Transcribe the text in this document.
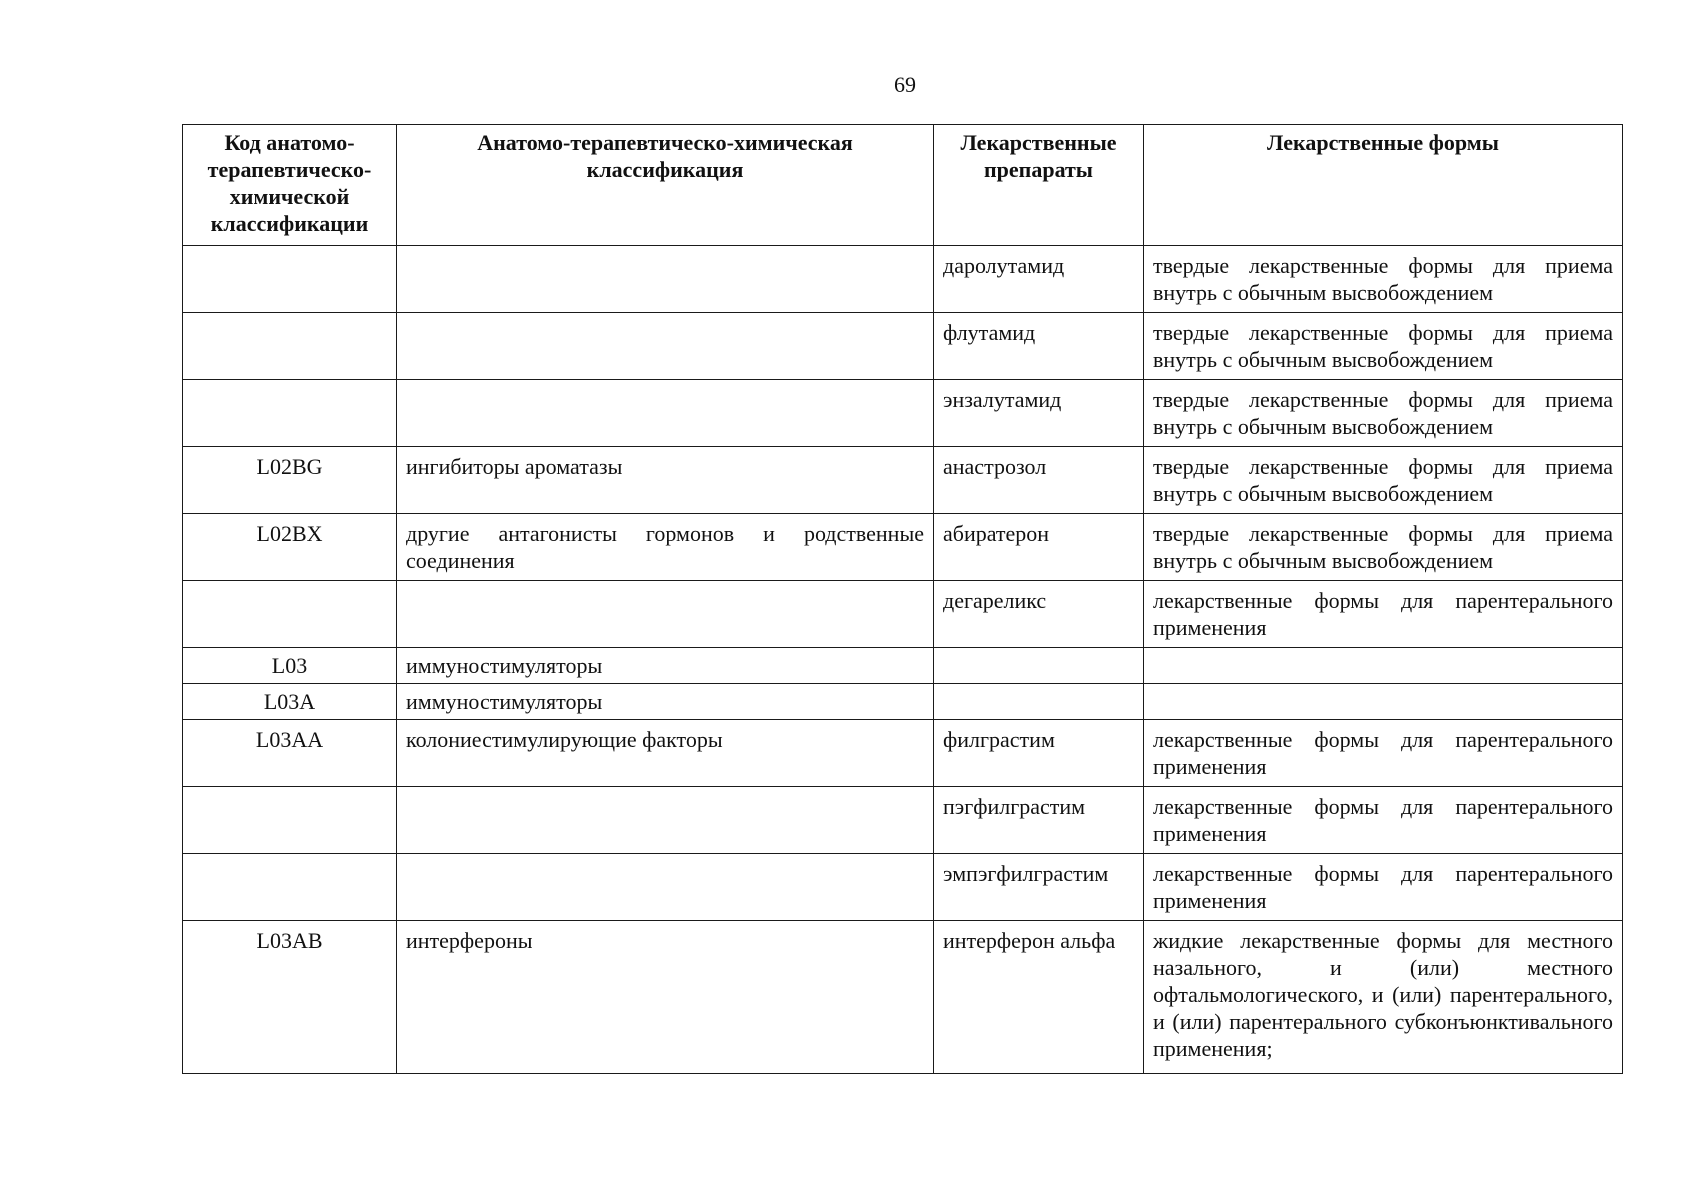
69
Код анатомо-терапевтическо-химической классификации	Анатомо-терапевтическо-химическая классификация	Лекарственные препараты	Лекарственные формы
		даролутамид	твердые лекарственные формы для приема внутрь с обычным высвобождением
		флутамид	твердые лекарственные формы для приема внутрь с обычным высвобождением
		энзалутамид	твердые лекарственные формы для приема внутрь с обычным высвобождением
L02BG	ингибиторы ароматазы	анастрозол	твердые лекарственные формы для приема внутрь с обычным высвобождением
L02BX	другие антагонисты гормонов и родственные соединения	абиратерон	твердые лекарственные формы для приема внутрь с обычным высвобождением
		дегареликс	лекарственные формы для парентерального применения
L03	иммуностимуляторы		
L03A	иммуностимуляторы		
L03AA	колониестимулирующие факторы	филграстим	лекарственные формы для парентерального применения
		пэгфилграстим	лекарственные формы для парентерального применения
		эмпэгфилграстим	лекарственные формы для парентерального применения
L03AB	интерфероны	интерферон альфа	жидкие лекарственные формы для местного назального, и (или) местного офтальмологического, и (или) парентерального, и (или) парентерального субконъюнктивального применения;
